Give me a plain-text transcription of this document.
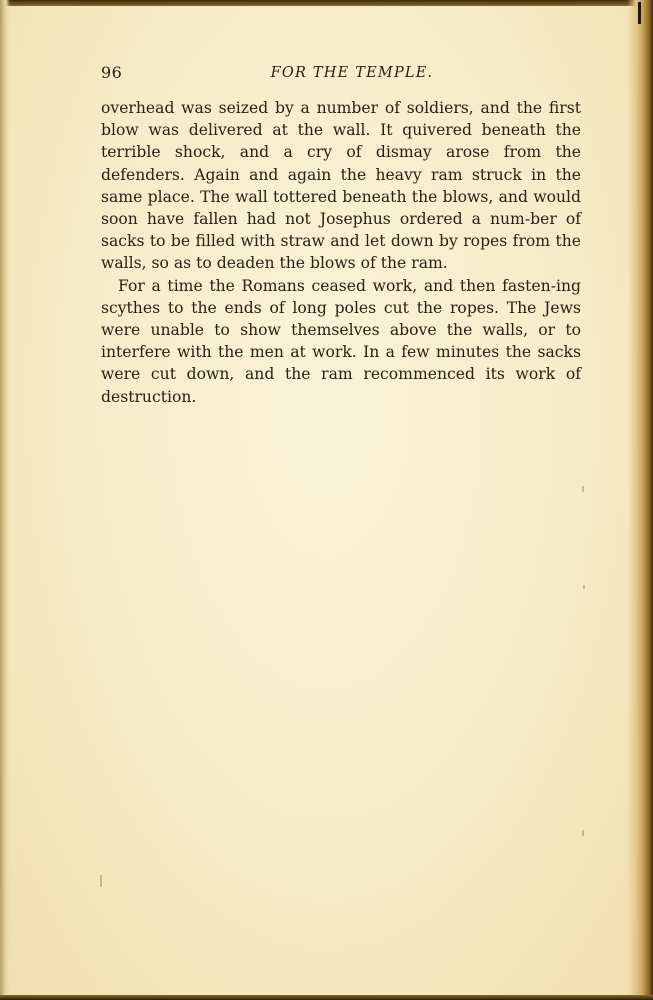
96	FOR THE TEMPLE.

overhead was seized by a number of soldiers, and the first blow was delivered at the wall. It quivered beneath the terrible shock, and a cry of dismay arose from the defenders. Again and again the heavy ram struck in the same place. The wall tottered beneath the blows, and would soon have fallen had not Josephus ordered a num-ber of sacks to be filled with straw and let down by ropes from the walls, so as to deaden the blows of the ram.

For a time the Romans ceased work, and then fasten-ing scythes to the ends of long poles cut the ropes. The Jews were unable to show themselves above the walls, or to interfere with the men at work. In a few minutes the sacks were cut down, and the ram recommenced its work of destruction.
